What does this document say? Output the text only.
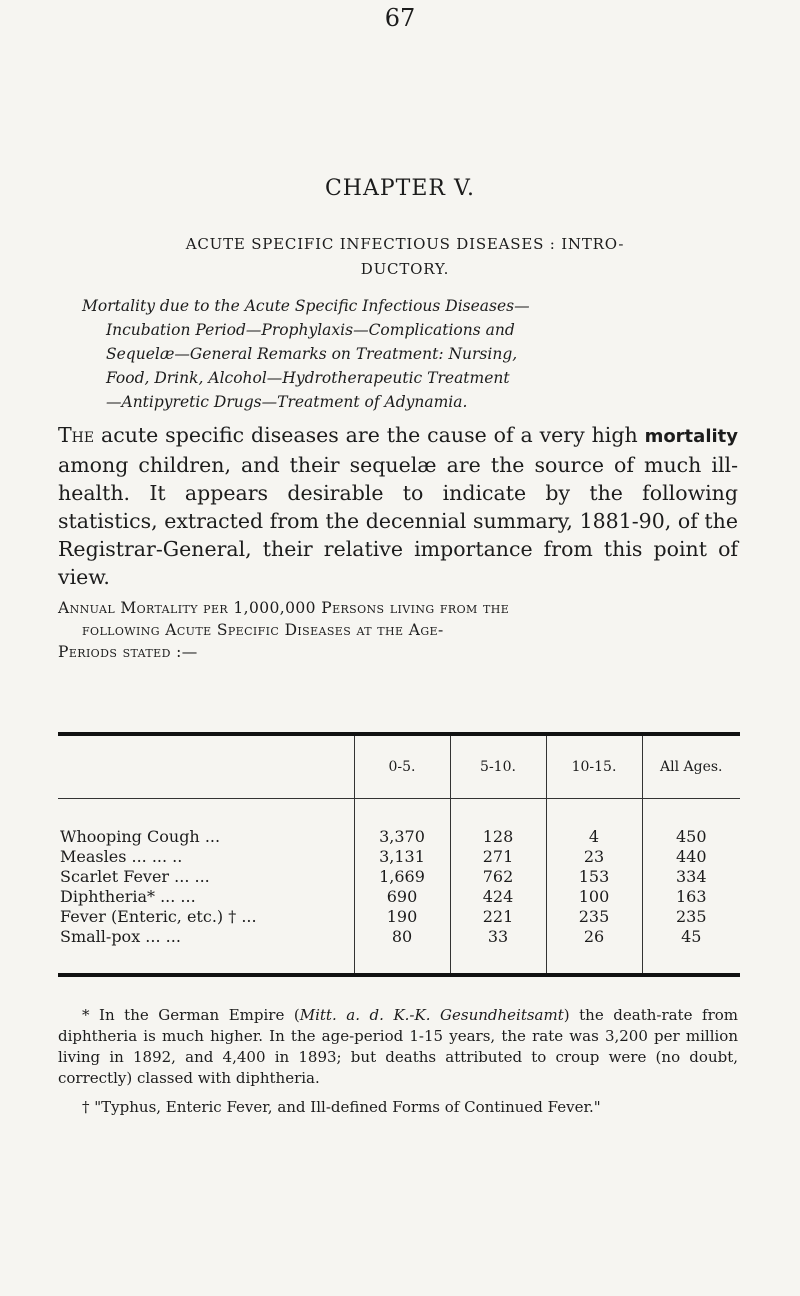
67
CHAPTER V.
ACUTE SPECIFIC INFECTIOUS DISEASES : INTRO-
DUCTORY.
Mortality due to the Acute Specific Infectious Diseases—
Incubation Period—Prophylaxis—Complications and
Sequelæ—General Remarks on Treatment: Nursing,
Food, Drink, Alcohol—Hydrotherapeutic Treatment
—Antipyretic Drugs—Treatment of Adynamia.
The acute specific diseases are the cause of a very high mortality among children, and their sequelæ are the source of much ill-health. It appears desirable to indicate by the following statistics, extracted from the decennial summary, 1881-90, of the Registrar-General, their relative importance from this point of view.
Annual Mortality per 1,000,000 Persons living from the
following Acute Specific Diseases at the Age-
Periods stated :—
	0-5.	5-10.	10-15.	All Ages.
Whooping Cough ...	3,370	128	4	450
Measles ... ... ..	3,131	271	23	440
Scarlet Fever ... ...	1,669	762	153	334
Diphtheria* ... ...	690	424	100	163
Fever (Enteric, etc.) † ...	190	221	235	235
Small-pox ... ...	80	33	26	45

* In the German Empire (Mitt. a. d. K.-K. Gesundheitsamt) the death-rate from diphtheria is much higher. In the age-period 1-15 years, the rate was 3,200 per million living in 1892, and 4,400 in 1893; but deaths attributed to croup were (no doubt, correctly) classed with diphtheria.

† "Typhus, Enteric Fever, and Ill-defined Forms of Continued Fever."
